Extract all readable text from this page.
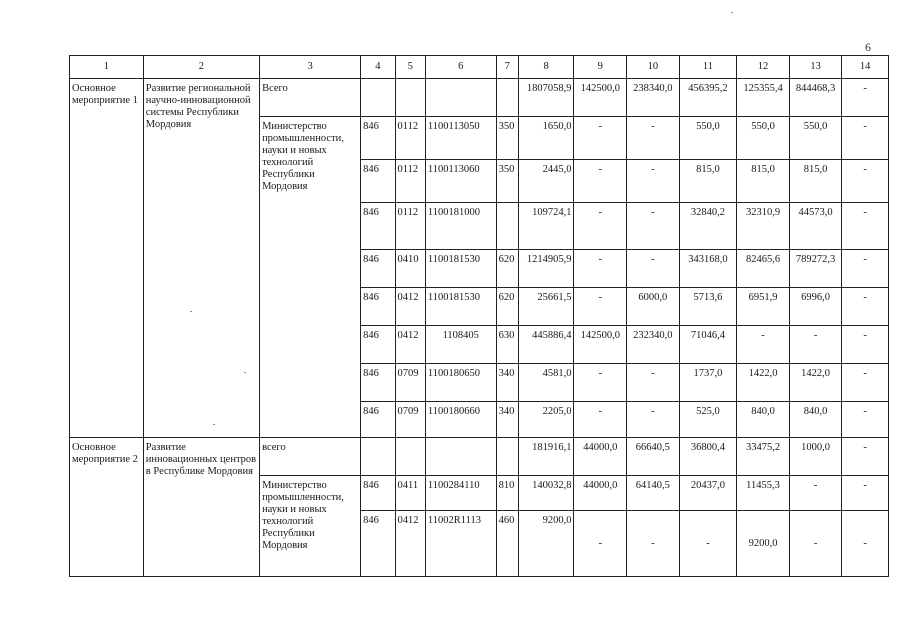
6
1	2	3	4	5	6	7	8	9	10	11	12	13	14
Основное мероприятие 1	Развитие региональной научно-инновационной системы Республики Мордовия	Всего					1807058,9	142500,0	238340,0	456395,2	125355,4	844468,3	-
		Министерство промышленности, науки и новых технологий Республики Мордовия	846	0112	1100113050	350	1650,0	-	-	550,0	550,0	550,0	-
			846	0112	1100113060	350	2445,0	-	-	815,0	815,0	815,0	-
			846	0112	1100181000		109724,1	-	-	32840,2	32310,9	44573,0	-
			846	0410	1100181530	620	1214905,9	-	-	343168,0	82465,6	789272,3	-
			846	0412	1100181530	620	25661,5	-	6000,0	5713,6	6951,9	6996,0	-
			846	0412	1108405	630	445886,4	142500,0	232340,0	71046,4	-	-	-
			846	0709	1100180650	340	4581,0	-	-	1737,0	1422,0	1422,0	-
			846	0709	1100180660	340	2205,0	-	-	525,0	840,0	840,0	-
Основное мероприятие 2	Развитие инновационных центров в Республике Мордовия	всего					181916,1	44000,0	66640,5	36800,4	33475,2	1000,0	-
		Министерство промышленности, науки и новых технологий Республики Мордовия	846	0411	1100284110	810	140032,8	44000,0	64140,5	20437,0	11455,3	-	-
			846	0412	11002R1113	460	9200,0	-	-	-	9200,0	-	-
